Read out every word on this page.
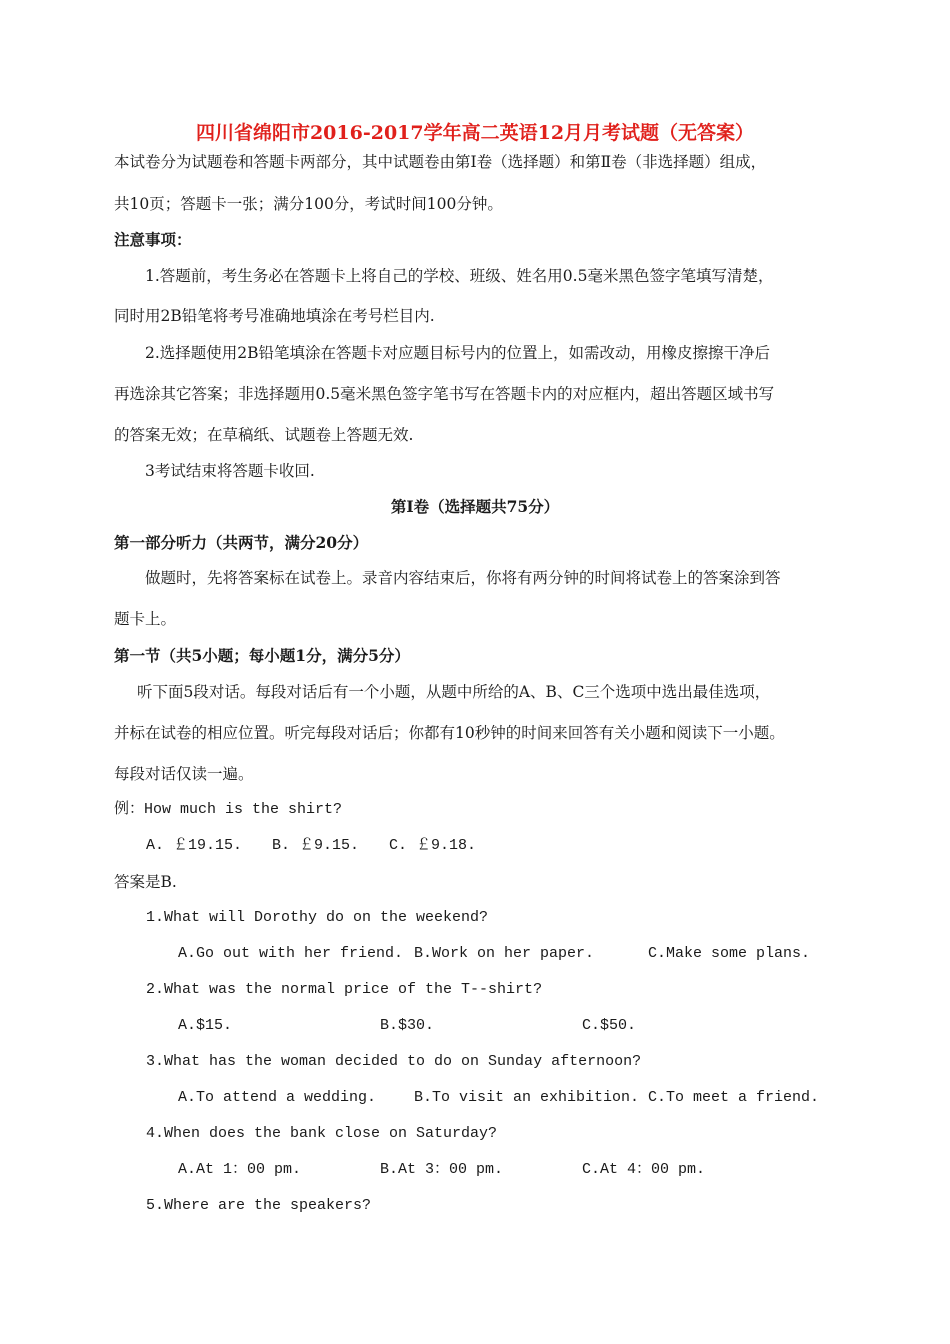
四川省绵阳市2016-2017学年高二英语12月月考试题（无答案）
本试卷分为试题卷和答题卡两部分，其中试题卷由第Ⅰ卷（选择题）和第Ⅱ卷（非选择题）组成，
共10页；答题卡一张；满分100分，考试时间100分钟。
注意事项：
1.答题前，考生务必在答题卡上将自己的学校、班级、姓名用0.5毫米黑色签字笔填写清楚，
同时用2B铅笔将考号准确地填涂在考号栏目内.
2.选择题使用2B铅笔填涂在答题卡对应题目标号内的位置上，如需改动，用橡皮擦擦干净后
再选涂其它答案；非选择题用0.5毫米黑色签字笔书写在答题卡内的对应框内，超出答题区域书写
的答案无效；在草稿纸、试题卷上答题无效.
3考试结束将答题卡收回.
第Ⅰ卷（选择题共75分）
第一部分听力（共两节，满分20分）
做题时，先将答案标在试卷上。录音内容结束后，你将有两分钟的时间将试卷上的答案涂到答
题卡上。
第一节（共5小题；每小题1分，满分5分）
听下面5段对话。每段对话后有一个小题，从题中所给的A、B、C三个选项中选出最佳选项，
并标在试卷的相应位置。听完每段对话后；你都有10秒钟的时间来回答有关小题和阅读下一小题。
每段对话仅读一遍。
例：How much is the shirt?
A. ￡19.15. B. ￡9.15. C. ￡9.18.
答案是B.
1.What will Dorothy do on the weekend?
A.Go out with her friend. B.Work on her paper.	C.Make some plans.
2.What was the normal price of the T--shirt?
A.$15.	B.$30.	C.$50.
3.What has the woman decided to do on Sunday afternoon?
A.To attend a wedding.	B.To visit an exhibition. C.To meet a friend.
4.When does the bank close on Saturday?
A.At 1：00 pm.	B.At 3：00 pm.	C.At 4：00 pm.
5.Where are the speakers?
